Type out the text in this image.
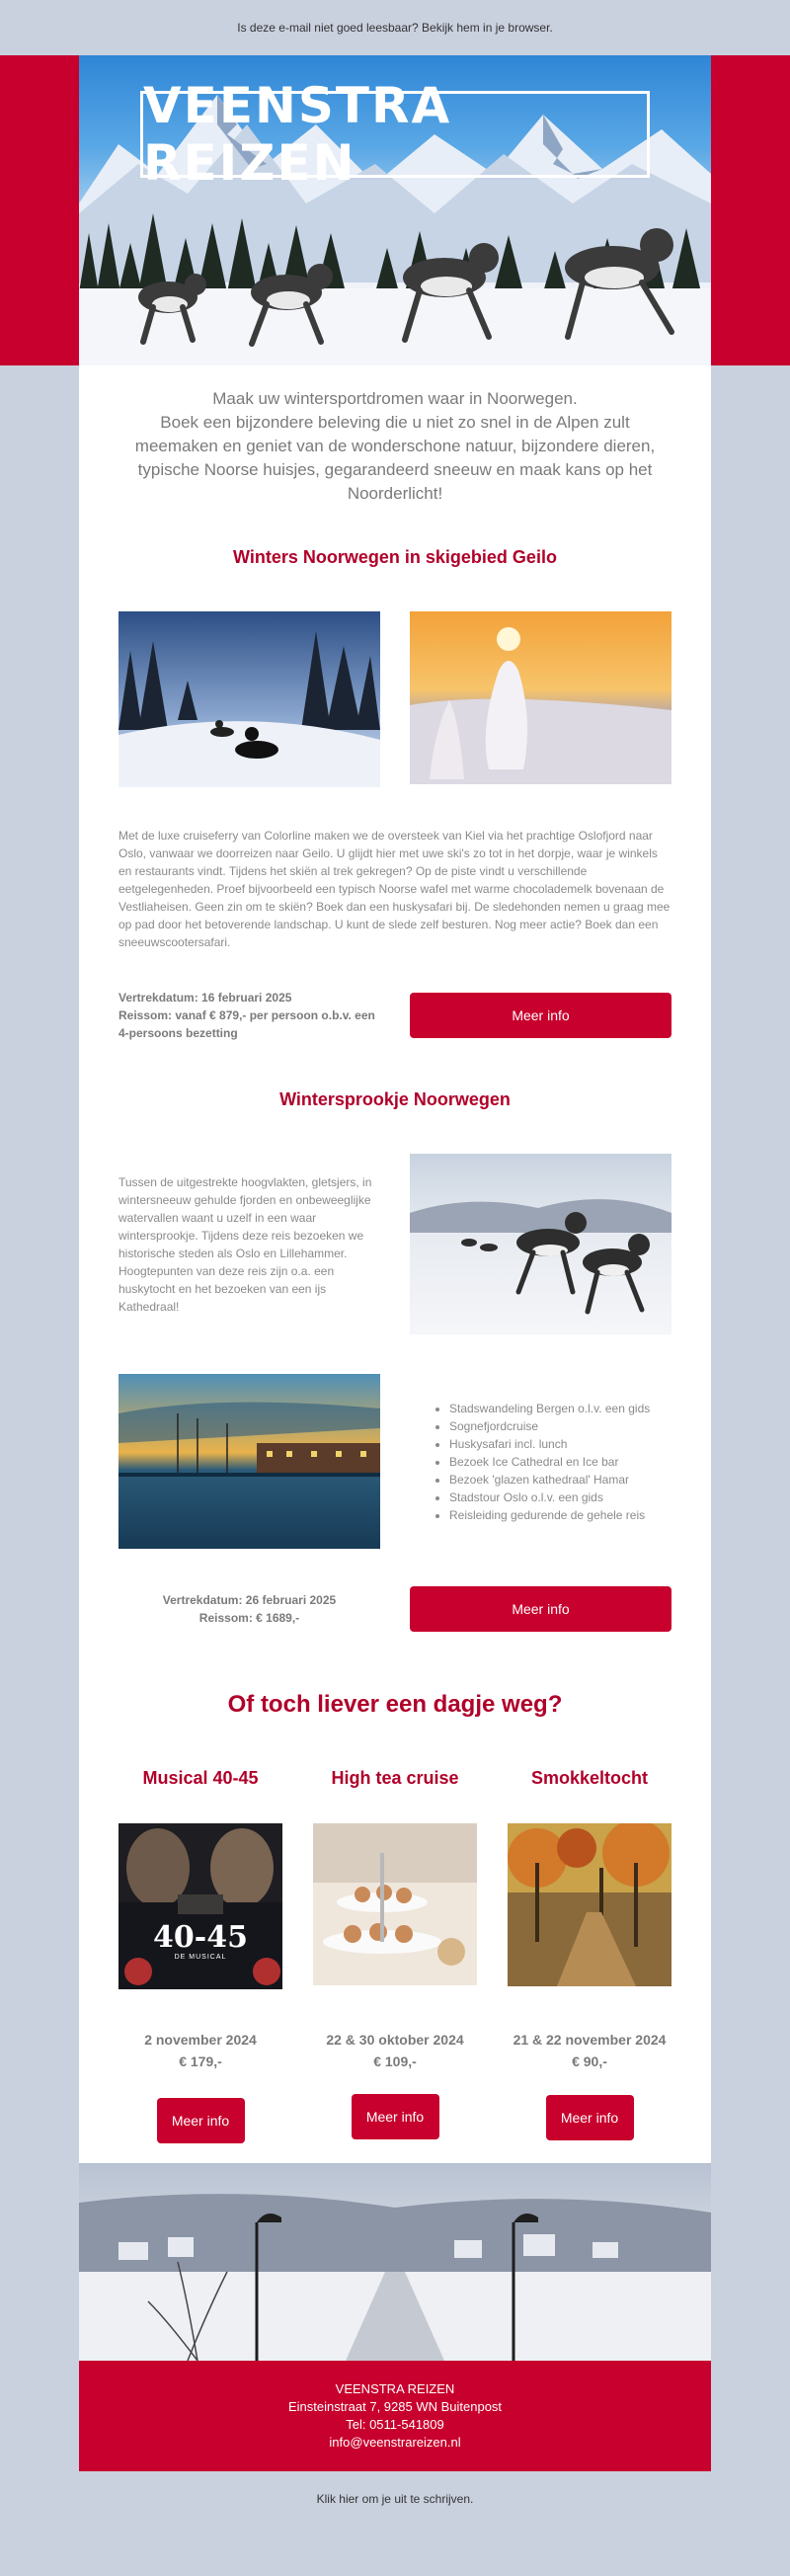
Is deze e-mail niet goed leesbaar? Bekijk hem in je browser.
VEENSTRA REIZEN
Maak uw wintersportdromen waar in Noorwegen.
Boek een bijzondere beleving die u niet zo snel in de Alpen zult meemaken en geniet van de wonderschone natuur, bijzondere dieren, typische Noorse huisjes, gegarandeerd sneeuw en maak kans op het Noorderlicht!
Winters Noorwegen in skigebied Geilo
Met de luxe cruiseferry van Colorline maken we de oversteek van Kiel via het prachtige Oslofjord naar Oslo, vanwaar we doorreizen naar Geilo. U glijdt hier met uwe ski's zo tot in het dorpje, waar je winkels en restaurants vindt. Tijdens het skiën al trek gekregen? Op de piste vindt u verschillende eetgelegenheden. Proef bijvoorbeeld een typisch Noorse wafel met warme chocolademelk bovenaan de Vestliaheisen. Geen zin om te skiën? Boek dan een huskysafari bij. De sledehonden nemen u graag mee op pad door het betoverende landschap. U kunt de slede zelf besturen. Nog meer actie? Boek dan een sneeuwscootersafari.
Vertrekdatum: 16 februari 2025
Reissom: vanaf € 879,- per persoon o.b.v. een 4-persoons bezetting
Meer info
Wintersprookje Noorwegen
Tussen de uitgestrekte hoogvlakten, gletsjers, in wintersneeuw gehulde fjorden en onbeweeglijke watervallen waant u uzelf in een waar wintersprookje. Tijdens deze reis bezoeken we historische steden als Oslo en Lillehammer. Hoogtepunten van deze reis zijn o.a. een huskytocht en het bezoeken van een ijs Kathedraal!
• Stadswandeling Bergen o.l.v. een gids
• Sognefjordcruise
• Huskysafari incl. lunch
• Bezoek Ice Cathedral en Ice bar
• Bezoek 'glazen kathedraal' Hamar
• Stadstour Oslo o.l.v. een gids
• Reisleiding gedurende de gehele reis
Vertrekdatum: 26 februari 2025
Reissom: € 1689,-
Meer info
Of toch liever een dagje weg?
Musical 40-45
40-45
DE MUSICAL
2 november 2024
€ 179,-
Meer info
High tea cruise
22 & 30 oktober 2024
€ 109,-
Meer info
Smokkeltocht
21 & 22 november 2024
€ 90,-
Meer info
VEENSTRA REIZEN
Einsteinstraat 7, 9285 WN Buitenpost
Tel: 0511-541809
info@veenstrareizen.nl
Klik hier om je uit te schrijven.
